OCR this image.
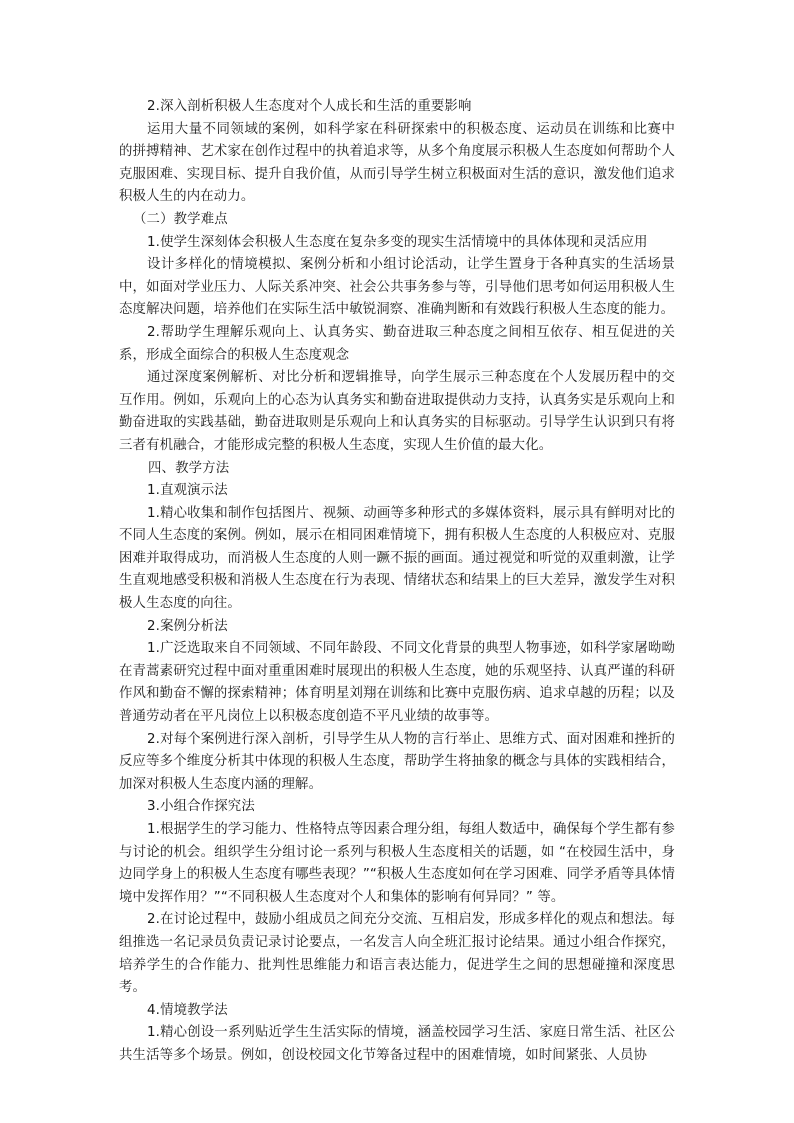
2.深入剖析积极人生态度对个人成长和生活的重要影响

运用大量不同领域的案例，如科学家在科研探索中的积极态度、运动员在训练和比赛中的拼搏精神、艺术家在创作过程中的执着追求等，从多个角度展示积极人生态度如何帮助个人克服困难、实现目标、提升自我价值，从而引导学生树立积极面对生活的意识，激发他们追求积极人生的内在动力。

（二）教学难点

1.使学生深刻体会积极人生态度在复杂多变的现实生活情境中的具体体现和灵活应用

设计多样化的情境模拟、案例分析和小组讨论活动，让学生置身于各种真实的生活场景中，如面对学业压力、人际关系冲突、社会公共事务参与等，引导他们思考如何运用积极人生态度解决问题，培养他们在实际生活中敏锐洞察、准确判断和有效践行积极人生态度的能力。

2.帮助学生理解乐观向上、认真务实、勤奋进取三种态度之间相互依存、相互促进的关系，形成全面综合的积极人生态度观念

通过深度案例解析、对比分析和逻辑推导，向学生展示三种态度在个人发展历程中的交互作用。例如，乐观向上的心态为认真务实和勤奋进取提供动力支持，认真务实是乐观向上和勤奋进取的实践基础，勤奋进取则是乐观向上和认真务实的目标驱动。引导学生认识到只有将三者有机融合，才能形成完整的积极人生态度，实现人生价值的最大化。

四、教学方法

1.直观演示法

1.精心收集和制作包括图片、视频、动画等多种形式的多媒体资料，展示具有鲜明对比的不同人生态度的案例。例如，展示在相同困难情境下，拥有积极人生态度的人积极应对、克服困难并取得成功，而消极人生态度的人则一蹶不振的画面。通过视觉和听觉的双重刺激，让学生直观地感受积极和消极人生态度在行为表现、情绪状态和结果上的巨大差异，激发学生对积极人生态度的向往。

2.案例分析法

1.广泛选取来自不同领域、不同年龄段、不同文化背景的典型人物事迹，如科学家屠呦呦在青蒿素研究过程中面对重重困难时展现出的积极人生态度，她的乐观坚持、认真严谨的科研作风和勤奋不懈的探索精神；体育明星刘翔在训练和比赛中克服伤病、追求卓越的历程；以及普通劳动者在平凡岗位上以积极态度创造不平凡业绩的故事等。

2.对每个案例进行深入剖析，引导学生从人物的言行举止、思维方式、面对困难和挫折的反应等多个维度分析其中体现的积极人生态度，帮助学生将抽象的概念与具体的实践相结合，加深对积极人生态度内涵的理解。

3.小组合作探究法

1.根据学生的学习能力、性格特点等因素合理分组，每组人数适中，确保每个学生都有参与讨论的机会。组织学生分组讨论一系列与积极人生态度相关的话题，如 “在校园生活中，身边同学身上的积极人生态度有哪些表现？”“积极人生态度如何在学习困难、同学矛盾等具体情境中发挥作用？”“不同积极人生态度对个人和集体的影响有何异同？” 等。

2.在讨论过程中，鼓励小组成员之间充分交流、互相启发，形成多样化的观点和想法。每组推选一名记录员负责记录讨论要点，一名发言人向全班汇报讨论结果。通过小组合作探究，培养学生的合作能力、批判性思维能力和语言表达能力，促进学生之间的思想碰撞和深度思考。

4.情境教学法

1.精心创设一系列贴近学生生活实际的情境，涵盖校园学习生活、家庭日常生活、社区公共生活等多个场景。例如，创设校园文化节筹备过程中的困难情境，如时间紧张、人员协
